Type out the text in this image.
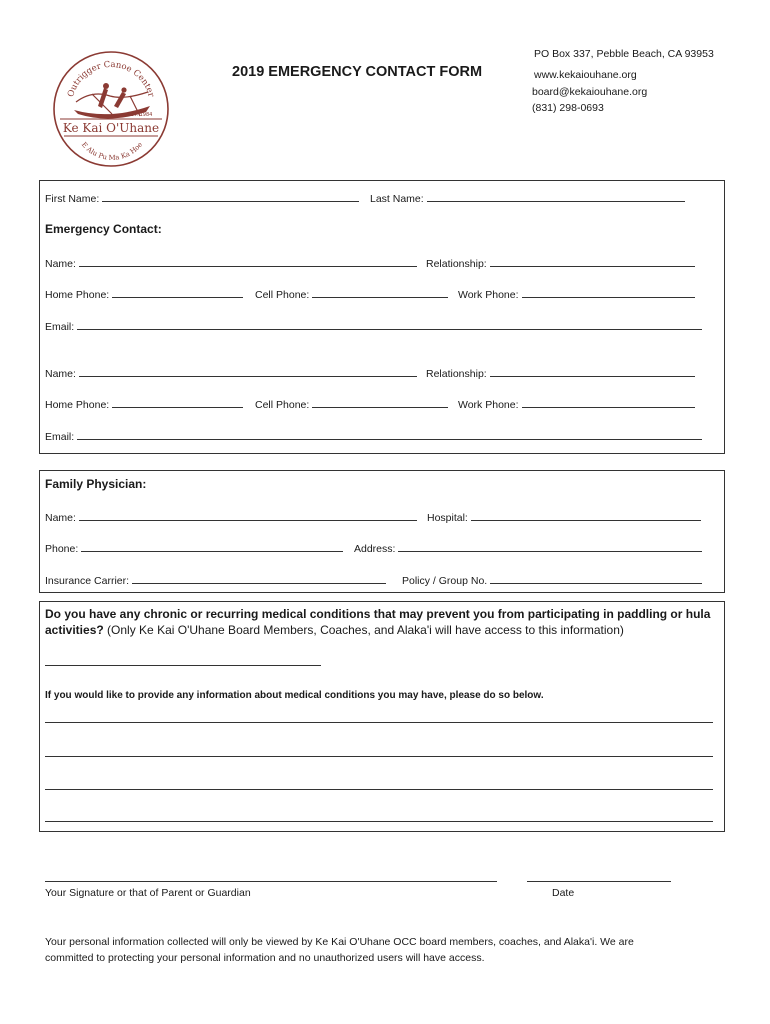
Outrigger Canoe Center
EST. 1984
Ke Kai O'Uhane
E Alu Pu Ma Ka Hoe
2019 EMERGENCY CONTACT FORM
PO Box 337, Pebble Beach, CA 93953
www.kekaiouhane.org
board@kekaiouhane.org
(831) 298-0693
First Name:	Last Name:
Emergency Contact:
Name:	Relationship:
Home Phone:	Cell Phone:	Work Phone:
Email:
Name:	Relationship:
Home Phone:	Cell Phone:	Work Phone:
Email:
Family Physician:
Name:	Hospital:
Phone:	Address:
Insurance Carrier:	Policy / Group No.
Do you have any chronic or recurring medical conditions that may prevent you from participating in paddling or hula activities? (Only Ke Kai O'Uhane Board Members, Coaches, and Alaka'i will have access to this information)
If you would like to provide any information about medical conditions you may have, please do so below.
Your Signature or that of Parent or Guardian	Date
Your personal information collected will only be viewed by Ke Kai O'Uhane OCC board members, coaches, and Alaka'i. We are
committed to protecting your personal information and no unauthorized users will have access.
